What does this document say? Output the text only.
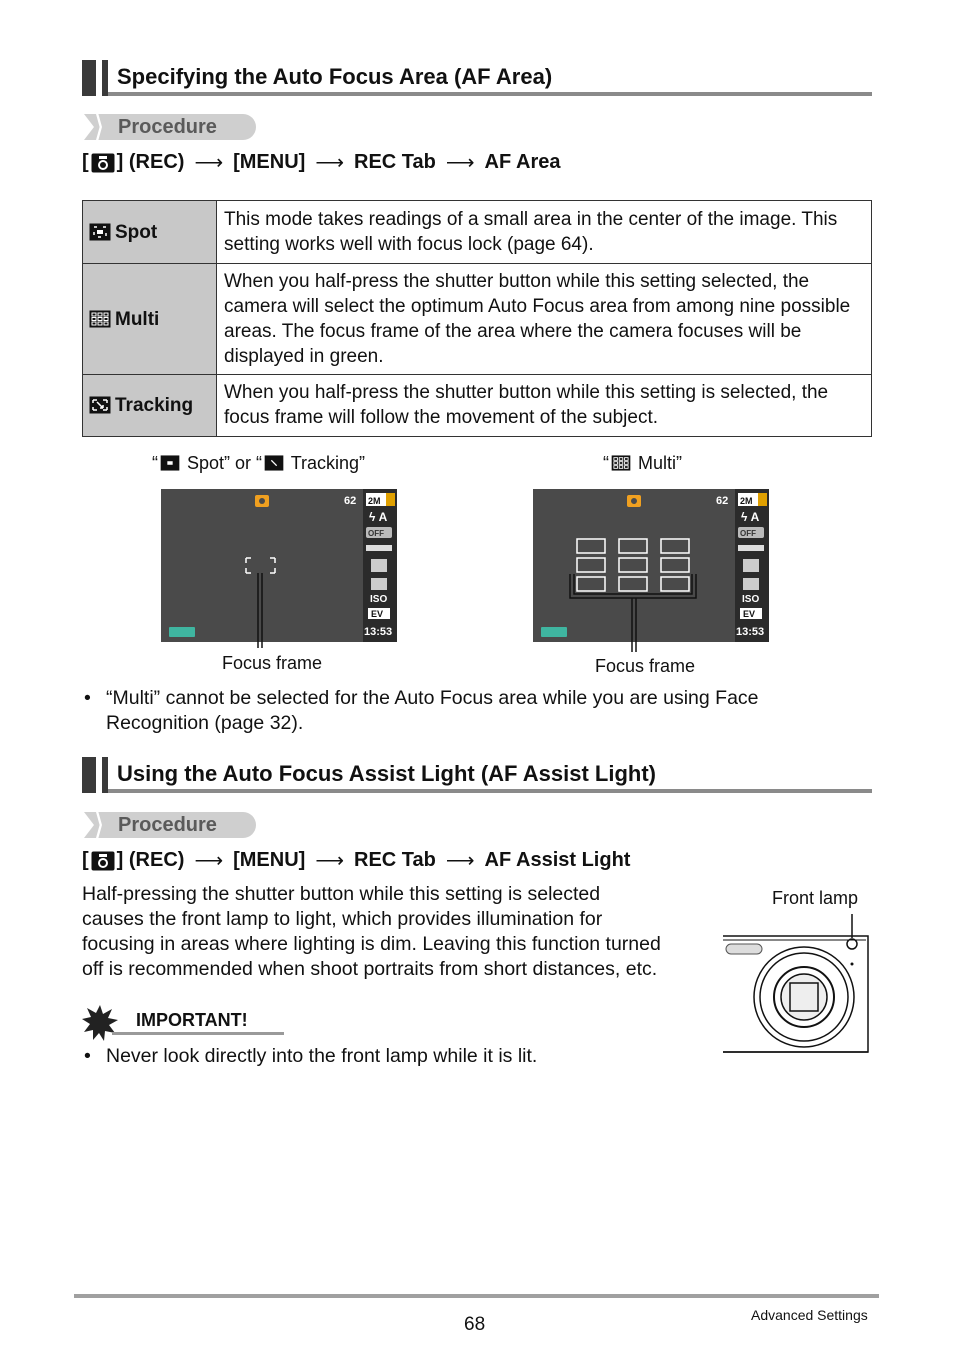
Specifying the Auto Focus Area (AF Area)
Procedure
[ ] (REC) ⟶ [MENU] ⟶ REC Tab ⟶ AF Area
Spot	This mode takes readings of a small area in the center of the image. This setting works well with focus lock (page 64).
Multi	When you half-press the shutter button while this setting selected, the camera will select the optimum Auto Focus area from among nine possible areas. The focus frame of the area where the camera focuses will be displayed in green.
Tracking	When you half-press the shutter button while this setting is selected, the focus frame will follow the movement of the subject.
“ Spot” or “ Tracking”	“ Multi”
62 2M
ϟ A
OFF
ISO
EV
13:53
62 2M
ϟ A
OFF
ISO
EV
13:53
Focus frame	Focus frame
• “Multi” cannot be selected for the Auto Focus area while you are using Face Recognition (page 32).
Using the Auto Focus Assist Light (AF Assist Light)
Procedure
[ ] (REC) ⟶ [MENU] ⟶ REC Tab ⟶ AF Assist Light
Half-pressing the shutter button while this setting is selected
causes the front lamp to light, which provides illumination for
focusing in areas where lighting is dim. Leaving this function turned
off is recommended when shoot portraits from short distances, etc.
Front lamp
IMPORTANT!
• Never look directly into the front lamp while it is lit.
68	Advanced Settings
